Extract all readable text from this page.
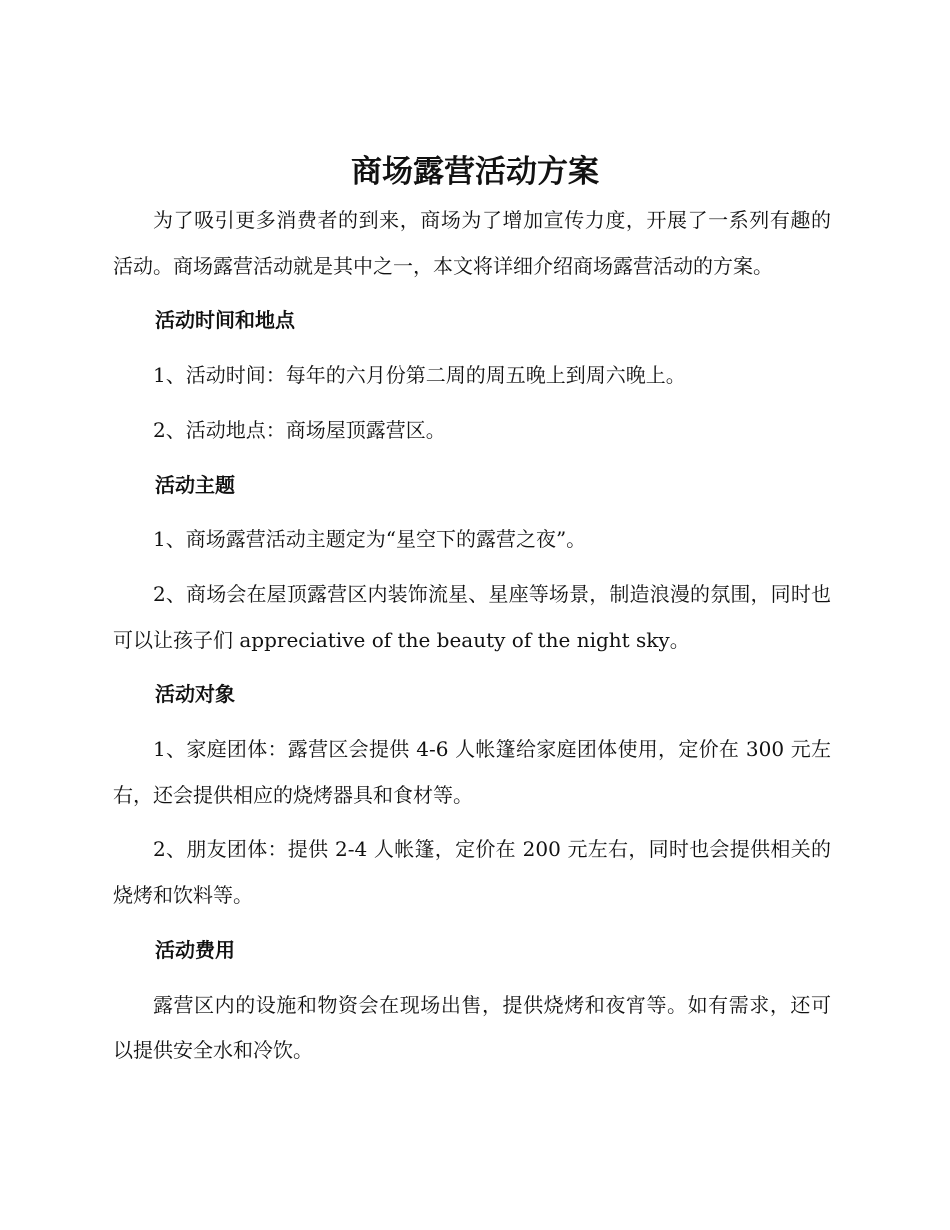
商场露营活动方案

为了吸引更多消费者的到来，商场为了增加宣传力度，开展了一系列有趣的活动。商场露营活动就是其中之一，本文将详细介绍商场露营活动的方案。

活动时间和地点

1、活动时间：每年的六月份第二周的周五晚上到周六晚上。

2、活动地点：商场屋顶露营区。

活动主题

1、商场露营活动主题定为“星空下的露营之夜”。

2、商场会在屋顶露营区内装饰流星、星座等场景，制造浪漫的氛围，同时也可以让孩子们 appreciative of the beauty of the night sky。

活动对象

1、家庭团体：露营区会提供 4-6 人帐篷给家庭团体使用，定价在 300 元左右，还会提供相应的烧烤器具和食材等。

2、朋友团体：提供 2-4 人帐篷，定价在 200 元左右，同时也会提供相关的烧烤和饮料等。

活动费用

露营区内的设施和物资会在现场出售，提供烧烤和夜宵等。如有需求，还可以提供安全水和冷饮。
